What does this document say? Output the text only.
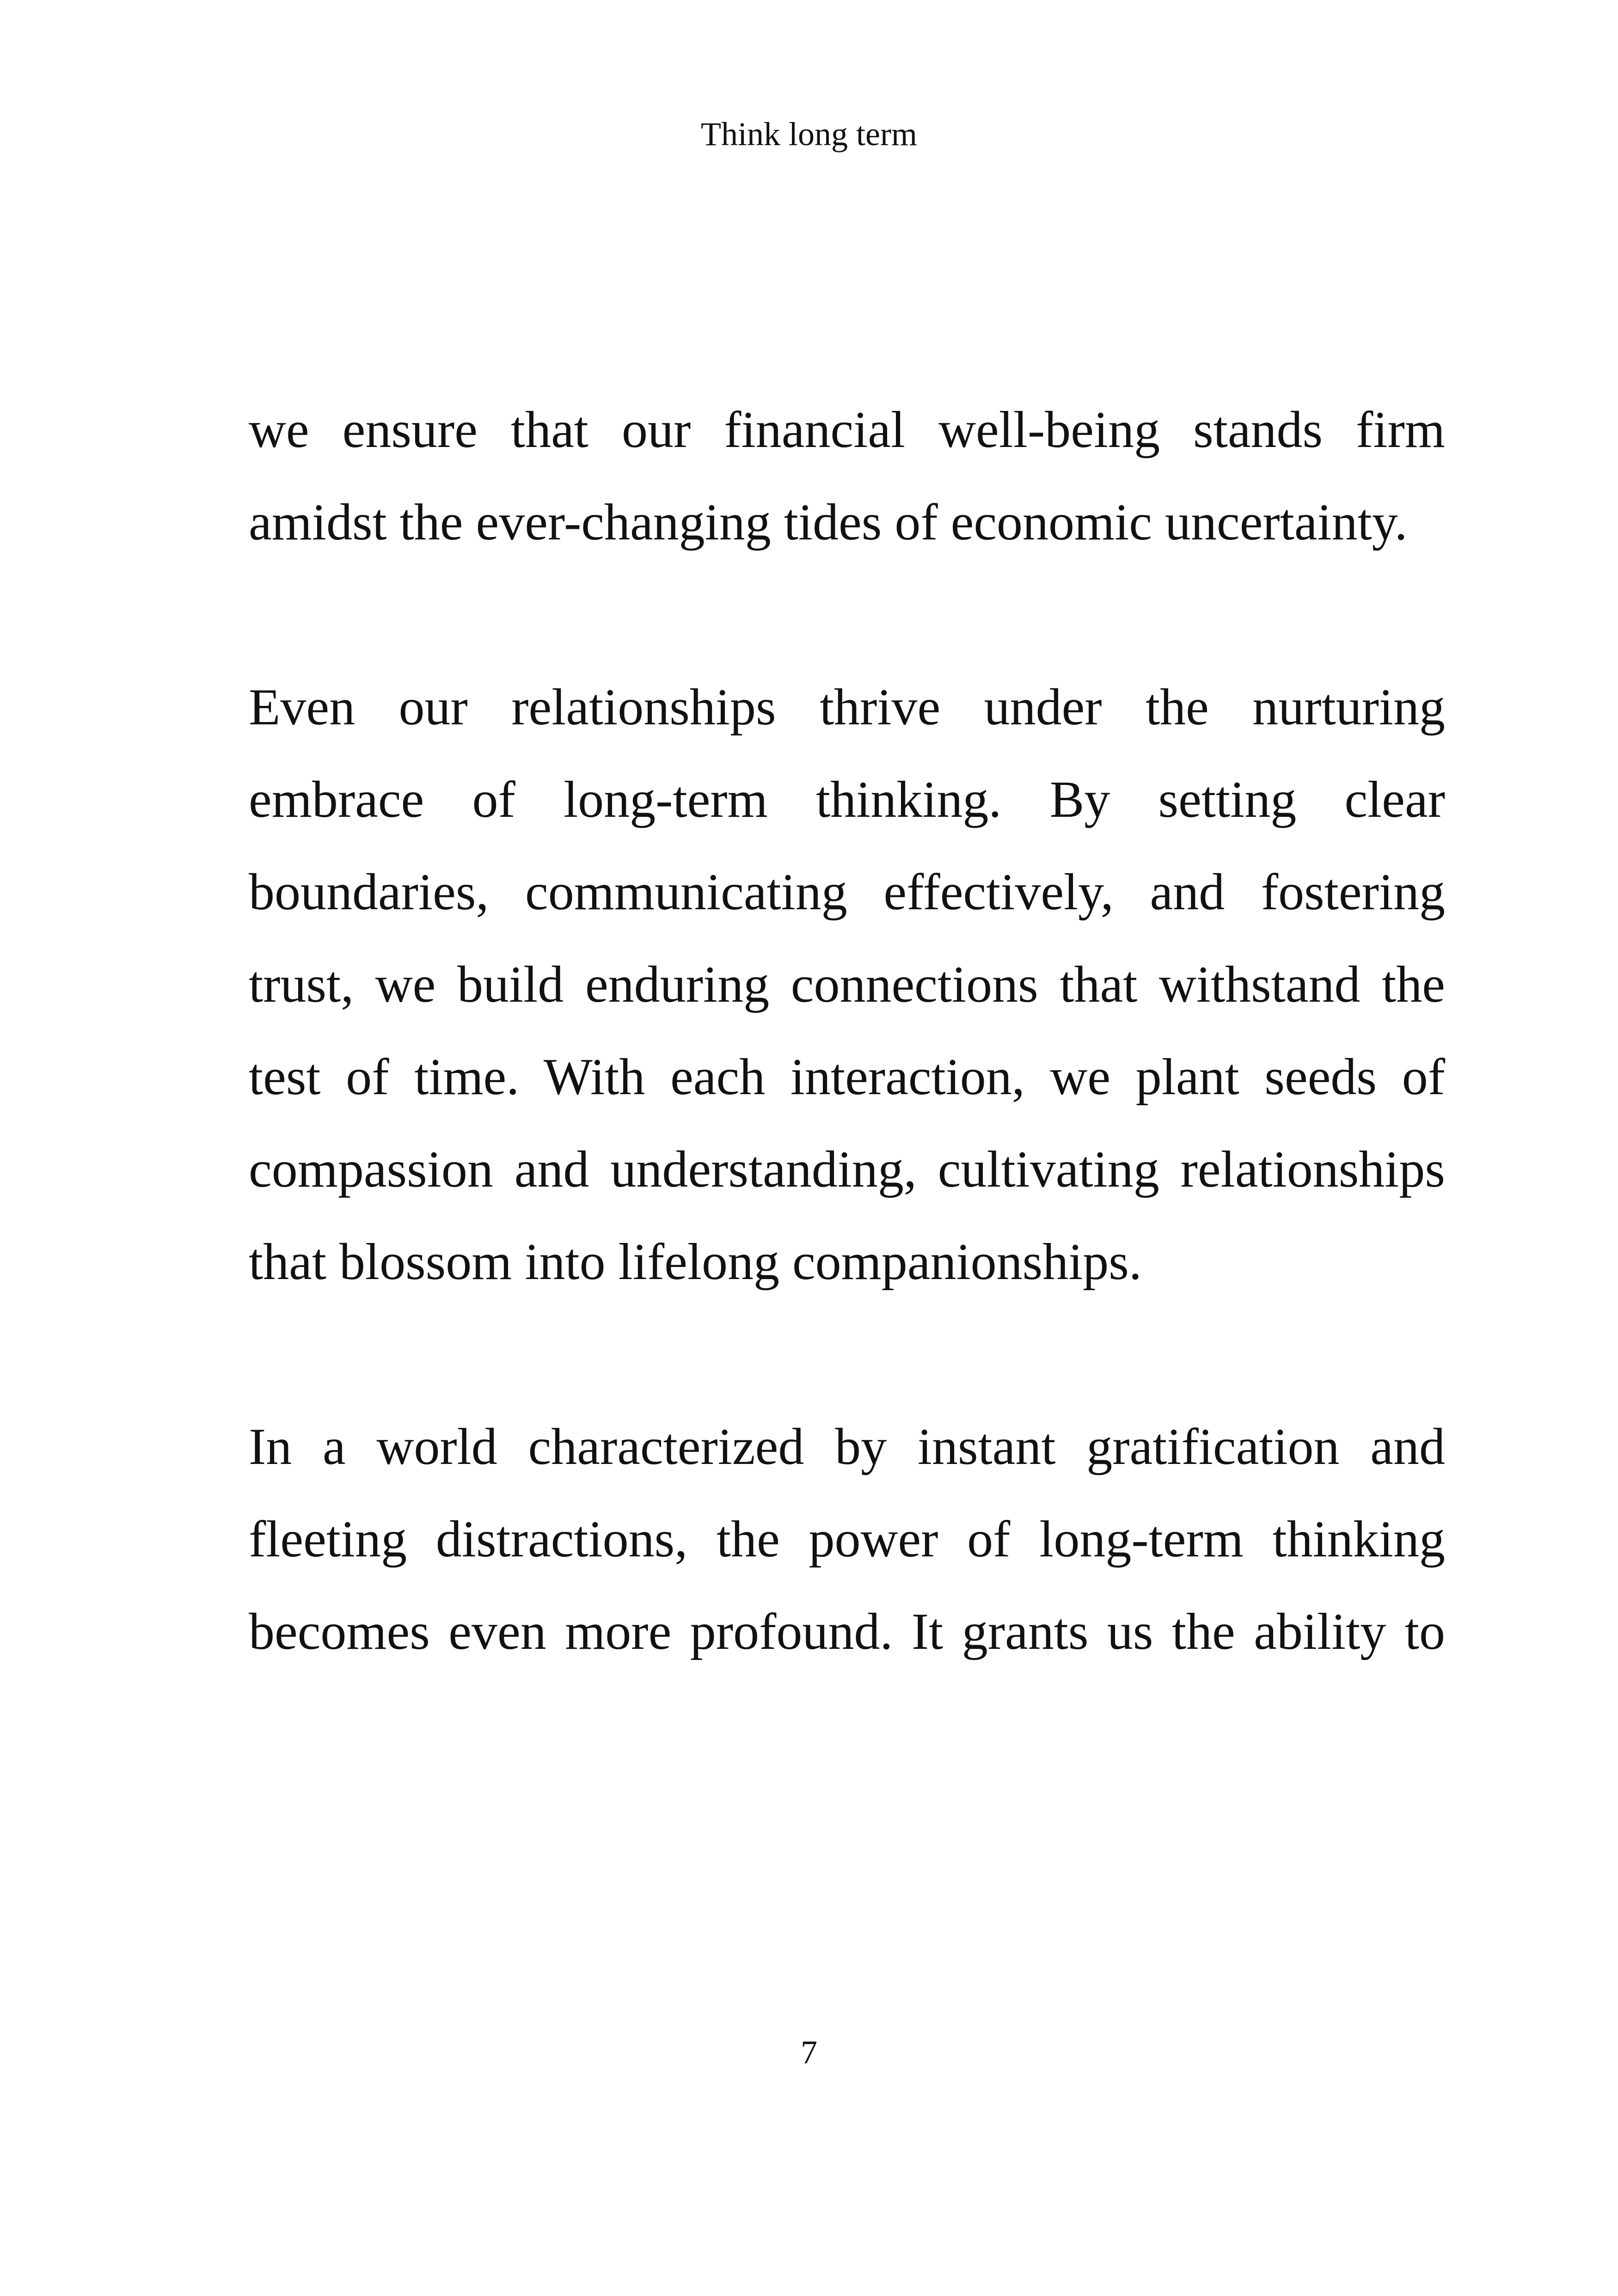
Think long term

we ensure that our financial well-being stands firm amidst the ever-changing tides of economic uncertainty.

Even our relationships thrive under the nurturing embrace of long-term thinking. By setting clear boundaries, communicating effectively, and fostering trust, we build enduring connections that withstand the test of time. With each interaction, we plant seeds of compassion and understanding, cultivating relationships that blossom into lifelong companionships.

In a world characterized by instant gratification and fleeting distractions, the power of long-term thinking becomes even more profound. It grants us the ability to

7
